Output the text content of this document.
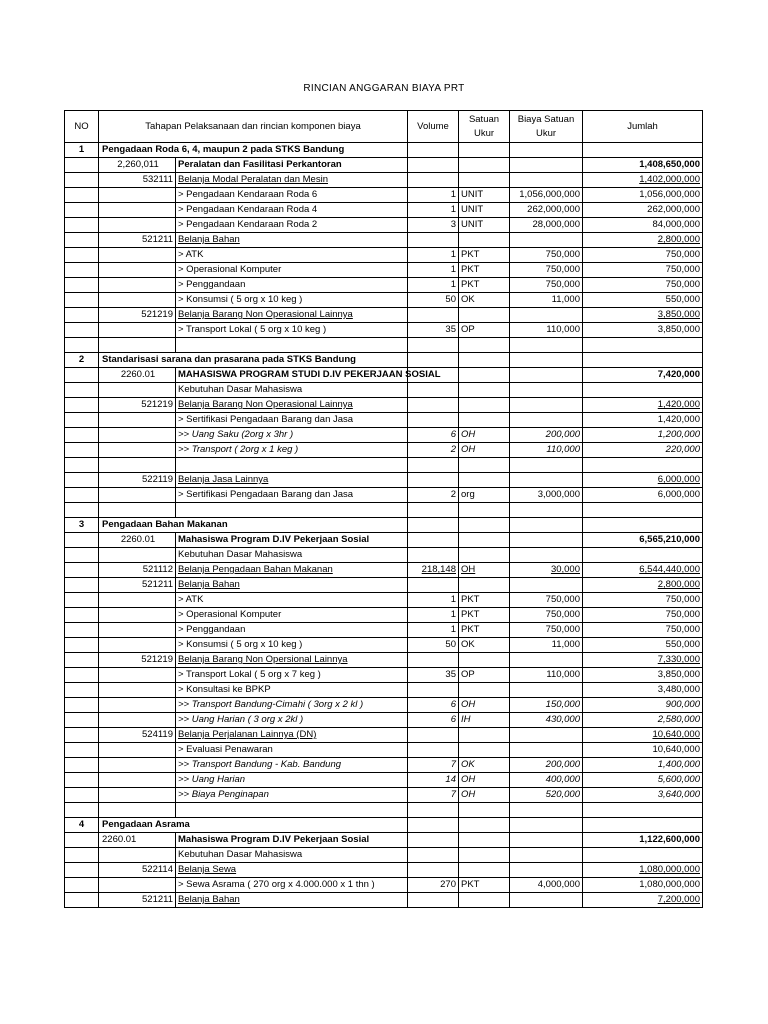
RINCIAN ANGGARAN BIAYA PRT
NO	Tahapan Pelaksanaan dan rincian komponen biaya		Volume	Satuan Ukur	Biaya Satuan Ukur	Jumlah
1	Pengadaan Roda 6, 4, maupun 2 pada STKS Bandung					
	2,260,011	Peralatan dan Fasilitasi Perkantoran				1,408,650,000
	532111	Belanja Modal Peralatan dan Mesin				1,402,000,000
		> Pengadaan Kendaraan Roda 6	1	UNIT	1,056,000,000	1,056,000,000
		> Pengadaan Kendaraan Roda 4	1	UNIT	262,000,000	262,000,000
		> Pengadaan Kendaraan Roda 2	3	UNIT	28,000,000	84,000,000
	521211	Belanja Bahan				2,800,000
		> ATK	1	PKT	750,000	750,000
		> Operasional Komputer	1	PKT	750,000	750,000
		> Penggandaan	1	PKT	750,000	750,000
		> Konsumsi ( 5 org x 10 keg )	50	OK	11,000	550,000
	521219	Belanja Barang Non Operasional Lainnya				3,850,000
		> Transport Lokal ( 5 org x 10 keg )	35	OP	110,000	3,850,000

2	Standarisasi sarana dan prasarana pada STKS Bandung					
	2260.01	MAHASISWA PROGRAM STUDI D.IV PEKERJAAN SOSIAL				7,420,000
		Kebutuhan Dasar Mahasiswa				
	521219	Belanja Barang Non Operasional Lainnya				1,420,000
		> Sertifikasi Pengadaan Barang dan Jasa				1,420,000
		>> Uang Saku (2org x 3hr )	6	OH	200,000	1,200,000
		>> Transport ( 2org x 1 keg )	2	OH	110,000	220,000

	522119	Belanja Jasa Lainnya				6,000,000
		> Sertifikasi Pengadaan Barang dan Jasa	2	org	3,000,000	6,000,000

3	Pengadaan Bahan Makanan					
	2260.01	Mahasiswa Program D.IV Pekerjaan Sosial				6,565,210,000
		Kebutuhan Dasar Mahasiswa				
	521112	Belanja Pengadaan Bahan Makanan	218,148	OH	30,000	6,544,440,000
	521211	Belanja Bahan				2,800,000
		> ATK	1	PKT	750,000	750,000
		> Operasional Komputer	1	PKT	750,000	750,000
		> Penggandaan	1	PKT	750,000	750,000
		> Konsumsi ( 5 org x 10 keg )	50	OK	11,000	550,000
	521219	Belanja Barang Non Opersional Lainnya				7,330,000
		> Transport Lokal ( 5 org x 7 keg )	35	OP	110,000	3,850,000
		> Konsultasi ke BPKP				3,480,000
		>> Transport Bandung-Cimahi ( 3org x 2 kl )	6	OH	150,000	900,000
		>> Uang Harian ( 3 org x 2kl )	6	IH	430,000	2,580,000
	524119	Belanja Perjalanan Lainnya (DN)				10,640,000
		> Evaluasi Penawaran				10,640,000
		>> Transport Bandung - Kab. Bandung	7	OK	200,000	1,400,000
		>> Uang Harian	14	OH	400,000	5,600,000
		>> Biaya Penginapan	7	OH	520,000	3,640,000

4	Pengadaan Asrama					
	2260.01	Mahasiswa Program D.IV Pekerjaan Sosial				1,122,600,000
		Kebutuhan Dasar Mahasiswa				
	522114	Belanja Sewa				1,080,000,000
		> Sewa Asrama ( 270 org x 4.000.000 x 1 thn )	270	PKT	4,000,000	1,080,000,000
	521211	Belanja Bahan				7,200,000
